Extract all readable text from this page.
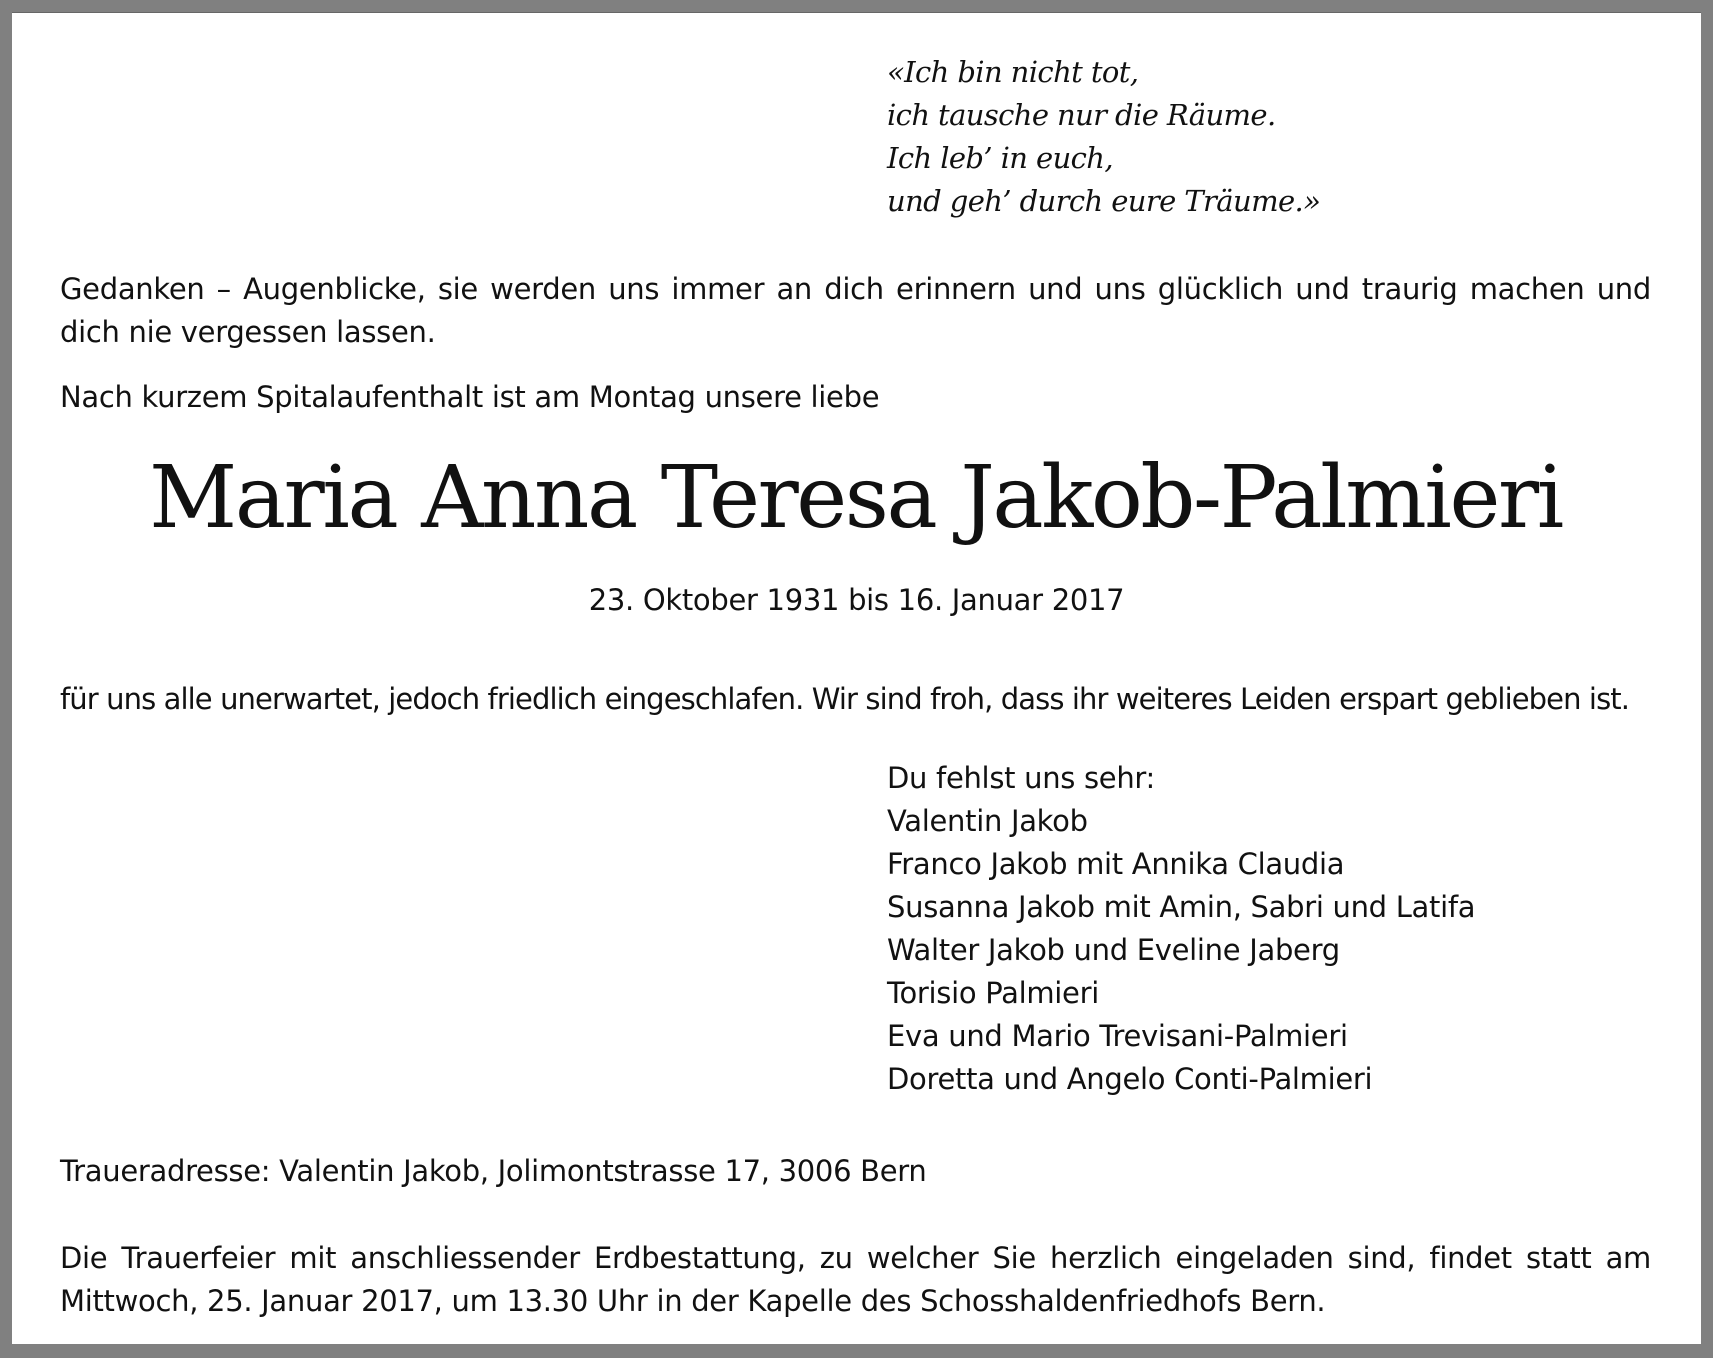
«Ich bin nicht tot,
ich tausche nur die Räume.
Ich leb’ in euch,
und geh’ durch eure Träume.»
Gedanken – Augenblicke, sie werden uns immer an dich erinnern und uns glücklich und traurig machen und
dich nie vergessen lassen.
Nach kurzem Spitalaufenthalt ist am Montag unsere liebe
Maria Anna Teresa Jakob-Palmieri
23. Oktober 1931 bis 16. Januar 2017
für uns alle unerwartet, jedoch friedlich eingeschlafen. Wir sind froh, dass ihr weiteres Leiden erspart geblieben ist.
Du fehlst uns sehr:
Valentin Jakob
Franco Jakob mit Annika Claudia
Susanna Jakob mit Amin, Sabri und Latifa
Walter Jakob und Eveline Jaberg
Torisio Palmieri
Eva und Mario Trevisani-Palmieri
Doretta und Angelo Conti-Palmieri
Traueradresse: Valentin Jakob, Jolimontstrasse 17, 3006 Bern
Die Trauerfeier mit anschliessender Erdbestattung, zu welcher Sie herzlich eingeladen sind, findet statt am
Mittwoch, 25. Januar 2017, um 13.30 Uhr in der Kapelle des Schosshaldenfriedhofs Bern.
